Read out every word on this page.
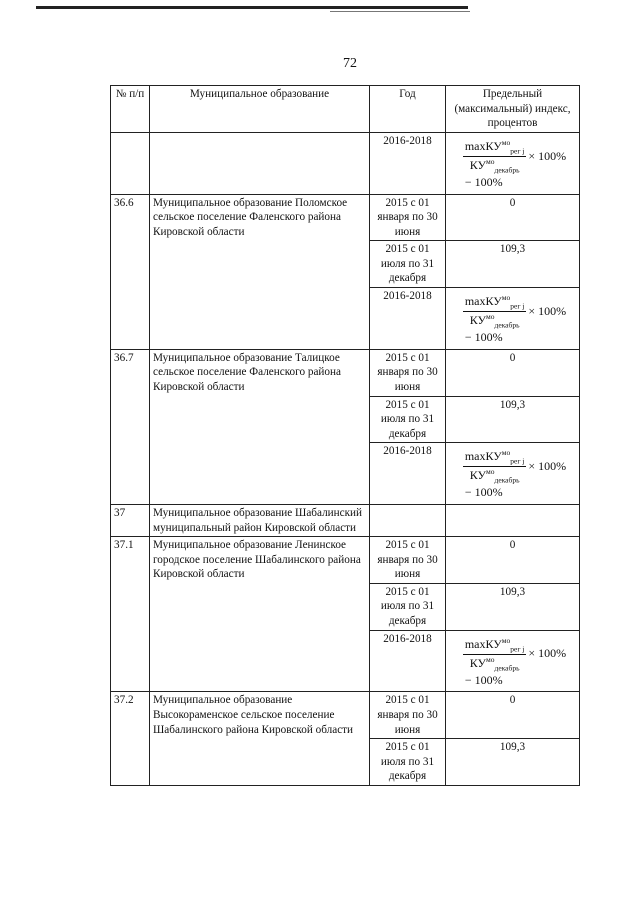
72
№ п/п	Муниципальное образование	Год	Предельный (максимальный) индекс, процентов
		2016-2018	$\frac{\max КУ^{мо}_{рег j}}{КУ^{мо}_{декабрь}} \times 100\%$
− 100%

36.6	Муниципальное образование Поломское сельское поселение Фаленского района Кировской области	2015 с 01 января по 30 июня	0
		2015 с 01 июля по 31 декабря	109,3
		2016-2018	$\frac{\max КУ^{мо}_{рег j}}{КУ^{мо}_{декабрь}} \times 100\%$
− 100%

36.7	Муниципальное образование Талицкое сельское поселение Фаленского района Кировской области	2015 с 01 января по 30 июня	0
		2015 с 01 июля по 31 декабря	109,3
		2016-2018	$\frac{\max КУ^{мо}_{рег j}}{КУ^{мо}_{декабрь}} \times 100\%$
− 100%

37	Муниципальное образование Шабалинский муниципальный район Кировской области		
37.1	Муниципальное образование Ленинское городское поселение Шабалинского района Кировской области	2015 с 01 января по 30 июня	0
		2015 с 01 июля по 31 декабря	109,3
		2016-2018	$\frac{\max КУ^{мо}_{рег j}}{КУ^{мо}_{декабрь}} \times 100\%$
− 100%

37.2	Муниципальное образование Высокораменское сельское поселение Шабалинского района Кировской области	2015 с 01 января по 30 июня	0
		2015 с 01 июля по 31 декабря	109,3
